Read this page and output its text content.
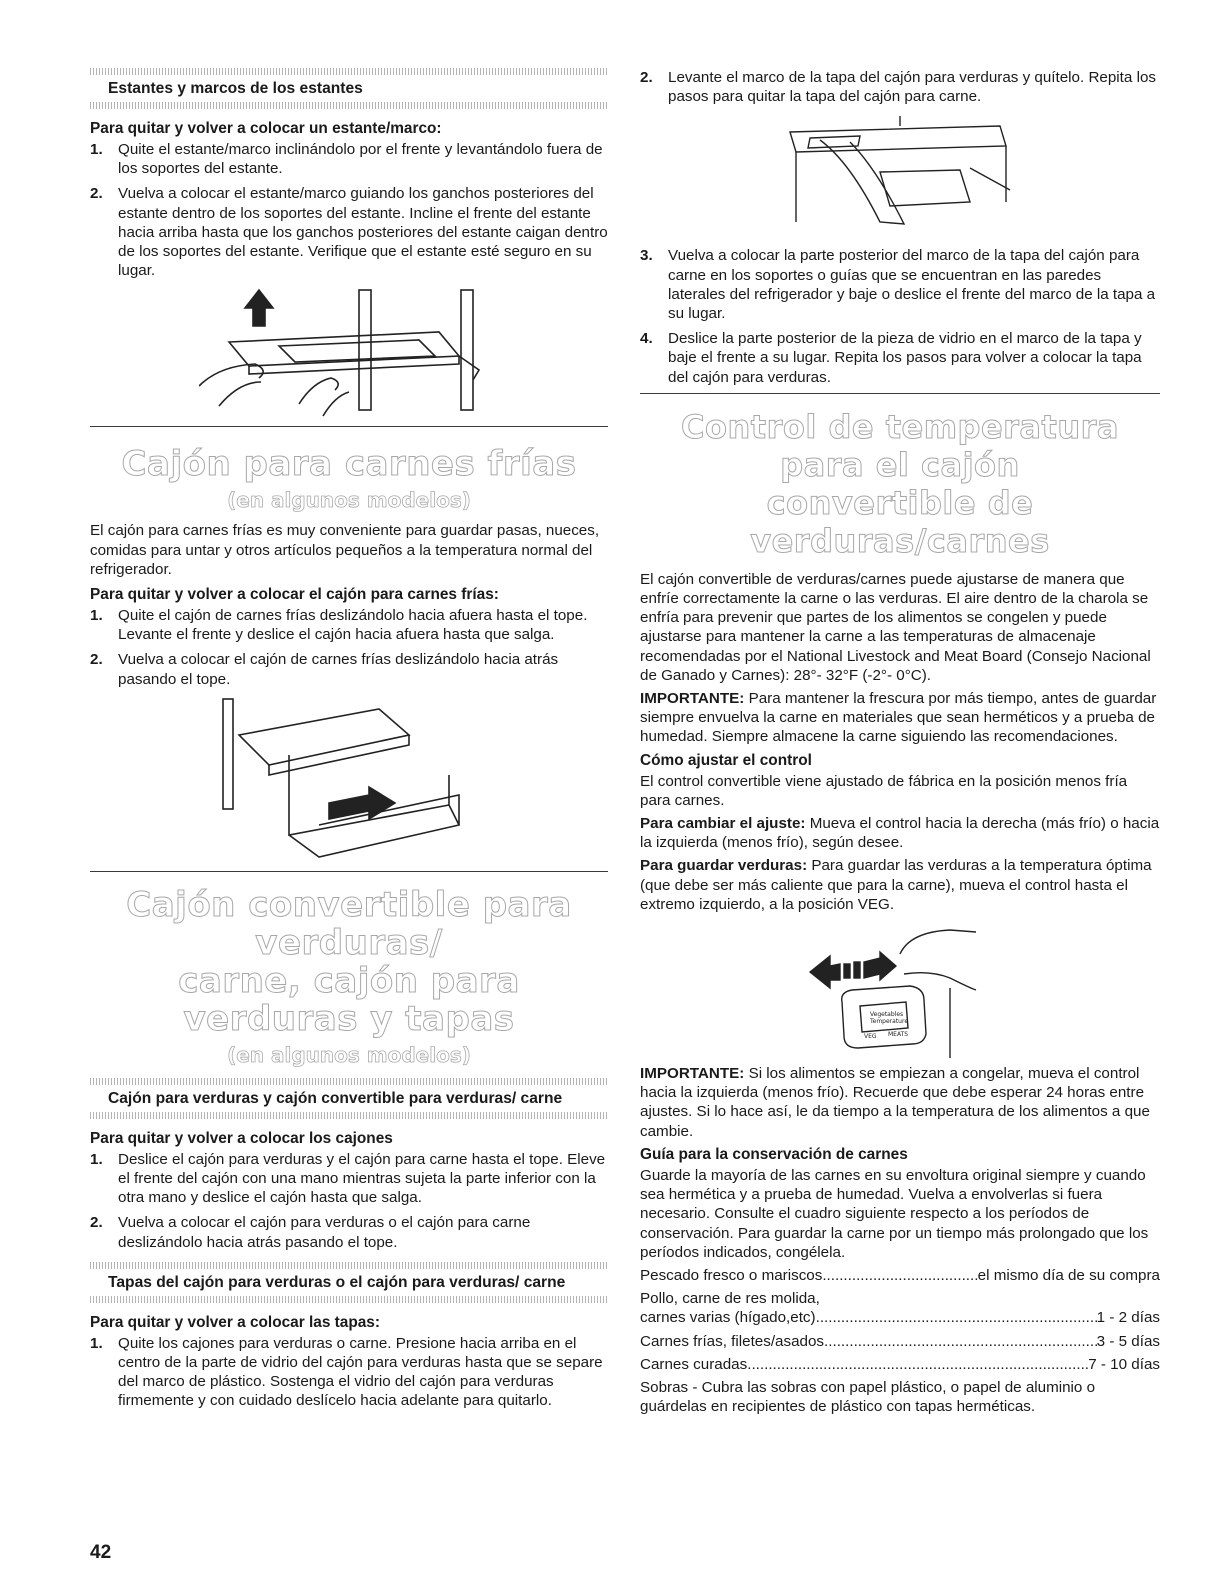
Estantes y marcos de los estantes
Para quitar y volver a colocar un estante/marco:
1. Quite el estante/marco inclinándolo por el frente y levantándolo fuera de los soportes del estante.
2. Vuelva a colocar el estante/marco guiando los ganchos posteriores del estante dentro de los soportes del estante. Incline el frente del estante hacia arriba hasta que los ganchos posteriores del estante caigan dentro de los soportes del estante. Verifique que el estante esté seguro en su lugar.
Cajón para carnes frías
(en algunos modelos)

El cajón para carnes frías es muy conveniente para guardar pasas, nueces, comidas para untar y otros artículos pequeños a la temperatura normal del refrigerador.

Para quitar y volver a colocar el cajón para carnes frías:
1. Quite el cajón de carnes frías deslizándolo hacia afuera hasta el tope. Levante el frente y deslice el cajón hacia afuera hasta que salga.
2. Vuelva a colocar el cajón de carnes frías deslizándolo hacia atrás pasando el tope.
Cajón convertible para verduras/
carne, cajón para verduras y tapas
(en algunos modelos)
Cajón para verduras y cajón convertible para verduras/ carne
Para quitar y volver a colocar los cajones
1. Deslice el cajón para verduras y el cajón para carne hasta el tope. Eleve el frente del cajón con una mano mientras sujeta la parte inferior con la otra mano y deslice el cajón hasta que salga.
2. Vuelva a colocar el cajón para verduras o el cajón para carne deslizándolo hacia atrás pasando el tope.
Tapas del cajón para verduras o el cajón para verduras/ carne
Para quitar y volver a colocar las tapas:
1. Quite los cajones para verduras o carne. Presione hacia arriba en el centro de la parte de vidrio del cajón para verduras hasta que se separe del marco de plástico. Sostenga el vidrio del cajón para verduras firmemente y con cuidado deslícelo hacia adelante para quitarlo.
2. Levante el marco de la tapa del cajón para verduras y quítelo. Repita los pasos para quitar la tapa del cajón para carne.
3. Vuelva a colocar la parte posterior del marco de la tapa del cajón para carne en los soportes o guías que se encuentran en las paredes laterales del refrigerador y baje o deslice el frente del marco de la tapa a su lugar.
4. Deslice la parte posterior de la pieza de vidrio en el marco de la tapa y baje el frente a su lugar. Repita los pasos para volver a colocar la tapa del cajón para verduras.
Control de temperatura para el cajón
convertible de verduras/carnes

El cajón convertible de verduras/carnes puede ajustarse de manera que enfríe correctamente la carne o las verduras. El aire dentro de la charola se enfría para prevenir que partes de los alimentos se congelen y puede ajustarse para mantener la carne a las temperaturas de almacenaje recomendadas por el National Livestock and Meat Board (Consejo Nacional de Ganado y Carnes): 28°- 32°F (-2°- 0°C).

IMPORTANTE: Para mantener la frescura por más tiempo, antes de guardar siempre envuelva la carne en materiales que sean herméticos y a prueba de humedad. Siempre almacene la carne siguiendo las recomendaciones.

Cómo ajustar el control

El control convertible viene ajustado de fábrica en la posición menos fría para carnes.

Para cambiar el ajuste: Mueva el control hacia la derecha (más frío) o hacia la izquierda (menos frío), según desee.

Para guardar verduras: Para guardar las verduras a la temperatura óptima (que debe ser más caliente que para la carne), mueva el control hasta el extremo izquierdo, a la posición VEG.

Vegetables
Temperature
VEG MEATS

IMPORTANTE: Si los alimentos se empiezan a congelar, mueva el control hacia la izquierda (menos frío). Recuerde que debe esperar 24 horas entre ajustes. Si lo hace así, le da tiempo a la temperatura de los alimentos a que cambie.

Guía para la conservación de carnes

Guarde la mayoría de las carnes en su envoltura original siempre y cuando sea hermética y a prueba de humedad. Vuelva a envolverlas si fuera necesario. Consulte el cuadro siguiente respecto a los períodos de conservación. Para guardar la carne por un tiempo más prolongado que los períodos indicados, congélela.

Pescado fresco o mariscos .....	el mismo día de su compra
Pollo, carne de res molida,
carnes varias (hígado,etc) .....	1 - 2 días
Carnes frías, filetes/asados .....	3 - 5 días
Carnes curadas .....	7 - 10 días

Sobras - Cubra las sobras con papel plástico, o papel de aluminio o guárdelas en recipientes de plástico con tapas herméticas.

42
